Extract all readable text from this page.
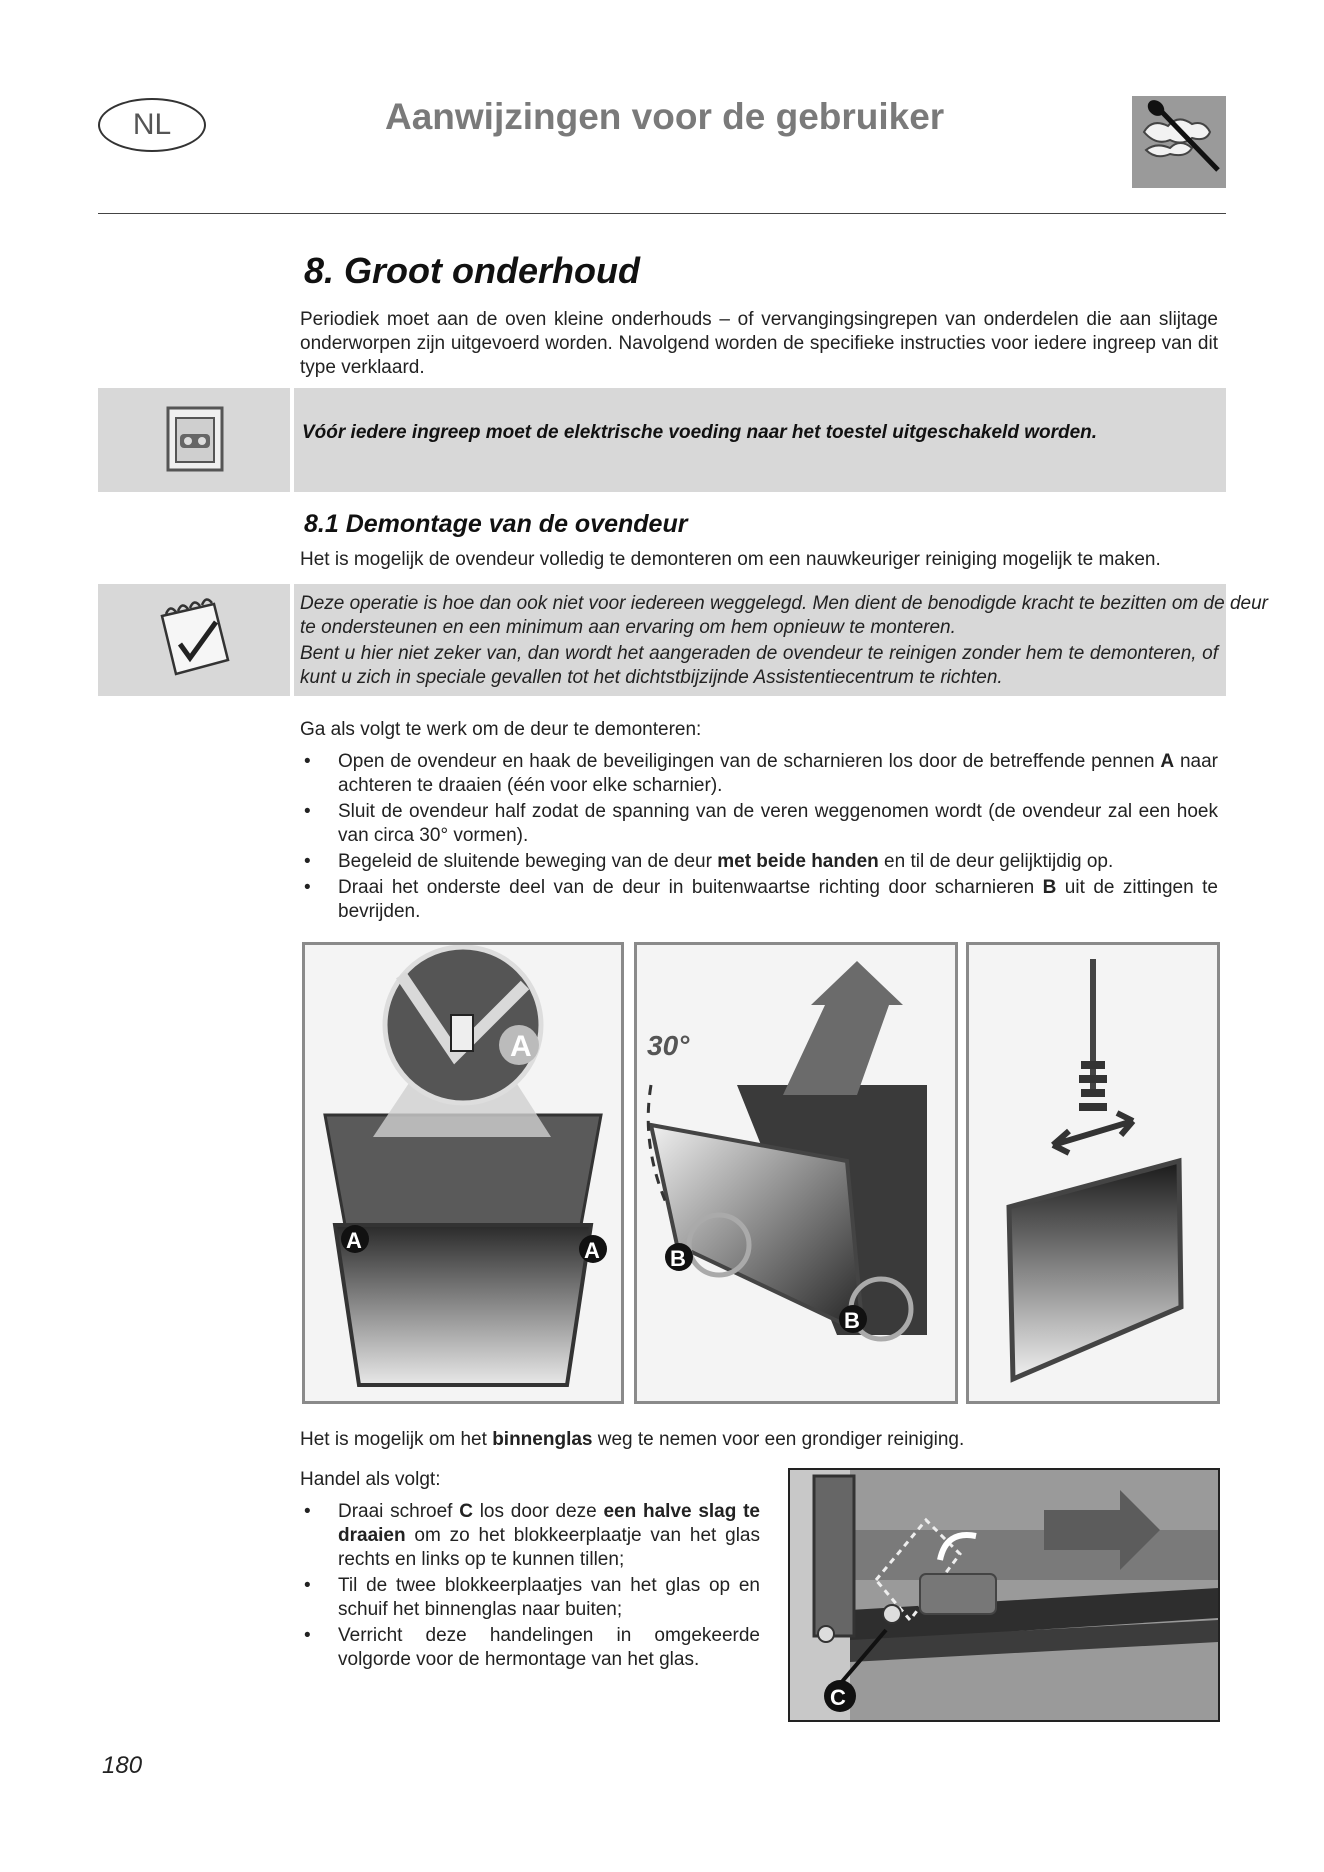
NL	Aanwijzingen voor de gebruiker
8. Groot onderhoud
Periodiek moet aan de oven kleine onderhouds – of vervangingsingrepen van onderdelen die aan slijtage onderworpen zijn uitgevoerd worden. Navolgend worden de specifieke instructies voor iedere ingreep van dit type verklaard.
Vóór iedere ingreep moet de elektrische voeding naar het toestel uitgeschakeld worden.
8.1 Demontage van de ovendeur
Het is mogelijk de ovendeur volledig te demonteren om een nauwkeuriger reiniging mogelijk te maken.
Deze operatie is hoe dan ook niet voor iedereen weggelegd. Men dient de benodigde kracht te bezitten om de deur te ondersteunen en een minimum aan ervaring om hem opnieuw te monteren.
Bent u hier niet zeker van, dan wordt het aangeraden de ovendeur te reinigen zonder hem te demonteren, of kunt u zich in speciale gevallen tot het dichtstbijzijnde Assistentiecentrum te richten.
Ga als volgt te werk om de deur te demonteren:
• Open de ovendeur en haak de beveiligingen van de scharnieren los door de betreffende pennen A naar achteren te draaien (één voor elke scharnier).
• Sluit de ovendeur half zodat de spanning van de veren weggenomen wordt (de ovendeur zal een hoek van circa 30° vormen).
• Begeleid de sluitende beweging van de deur met beide handen en til de deur gelijktijdig op.
• Draai het onderste deel van de deur in buitenwaartse richting door scharnieren B uit de zittingen te bevrijden.
A
A	A
30°
B
B
Het is mogelijk om het binnenglas weg te nemen voor een grondiger reiniging.
Handel als volgt:
• Draai schroef C los door deze een halve slag te draaien om zo het blokkeerplaatje van het glas rechts en links op te kunnen tillen;
• Til de twee blokkeerplaatjes van het glas op en schuif het binnenglas naar buiten;
• Verricht deze handelingen in omgekeerde volgorde voor de hermontage van het glas.
C
180
